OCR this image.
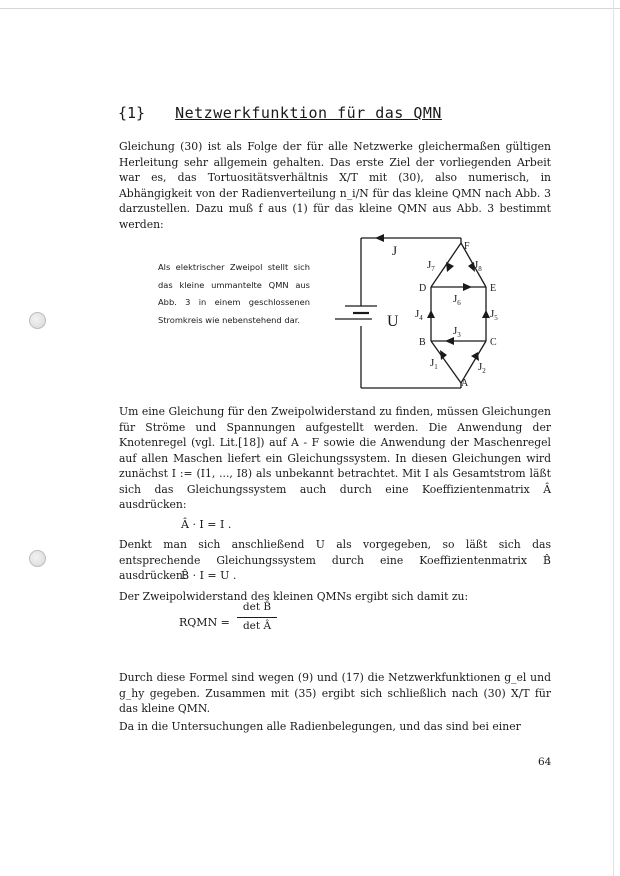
{1} Netzwerkfunktion für das QMN

Gleichung (30) ist als Folge der für alle Netzwerke gleichermaßen gültigen Herleitung sehr allgemein gehalten. Das erste Ziel der vorliegenden Arbeit war es, das Tortuositätsverhältnis X/T mit (30), also numerisch, in Abhängigkeit von der Radienverteilung n_i/N für das kleine QMN nach Abb. 3 darzustellen. Dazu muß f aus (1) für das kleine QMN aus Abb. 3 bestimmt werden:

Als elektrischer Zweipol stellt sich das kleine ummantelte QMN aus Abb. 3 in einem geschlossenen Stromkreis wie nebenstehend dar.
J
U
F
D	E
B	C
A
$J_7$	$J_8$
$J_6$
$J_4$	$J_5$
$J_3$
$J_1$	$J_2$

Um eine Gleichung für den Zweipolwiderstand zu finden, müssen Gleichungen für Ströme und Spannungen aufgestellt werden. Die Anwendung der Knotenregel (vgl. Lit.[18]) auf A - F sowie die Anwendung der Maschenregel auf allen Maschen liefert ein Gleichungssystem. In diesen Gleichungen wird zunächst I := (I1, ..., I8) als unbekannt betrachtet. Mit I als Gesamtstrom läßt sich das Gleichungssystem auch durch eine Koeffizientenmatrix Â ausdrücken:

Â · I = I .

Denkt man sich anschließend U als vorgegeben, so läßt sich das entsprechende Gleichungssystem durch eine Koeffizientenmatrix B̂ ausdrücken:

B̂ · I = U .

Der Zweipolwiderstand des kleinen QMNs ergibt sich damit zu:

RQMN =
det B̂
det Â

Durch diese Formel sind wegen (9) und (17) die Netzwerkfunktionen g_el und g_hy gegeben. Zusammen mit (35) ergibt sich schließlich nach (30) X/T für das kleine QMN.

Da in die Untersuchungen alle Radienbelegungen, und das sind bei einer

64
